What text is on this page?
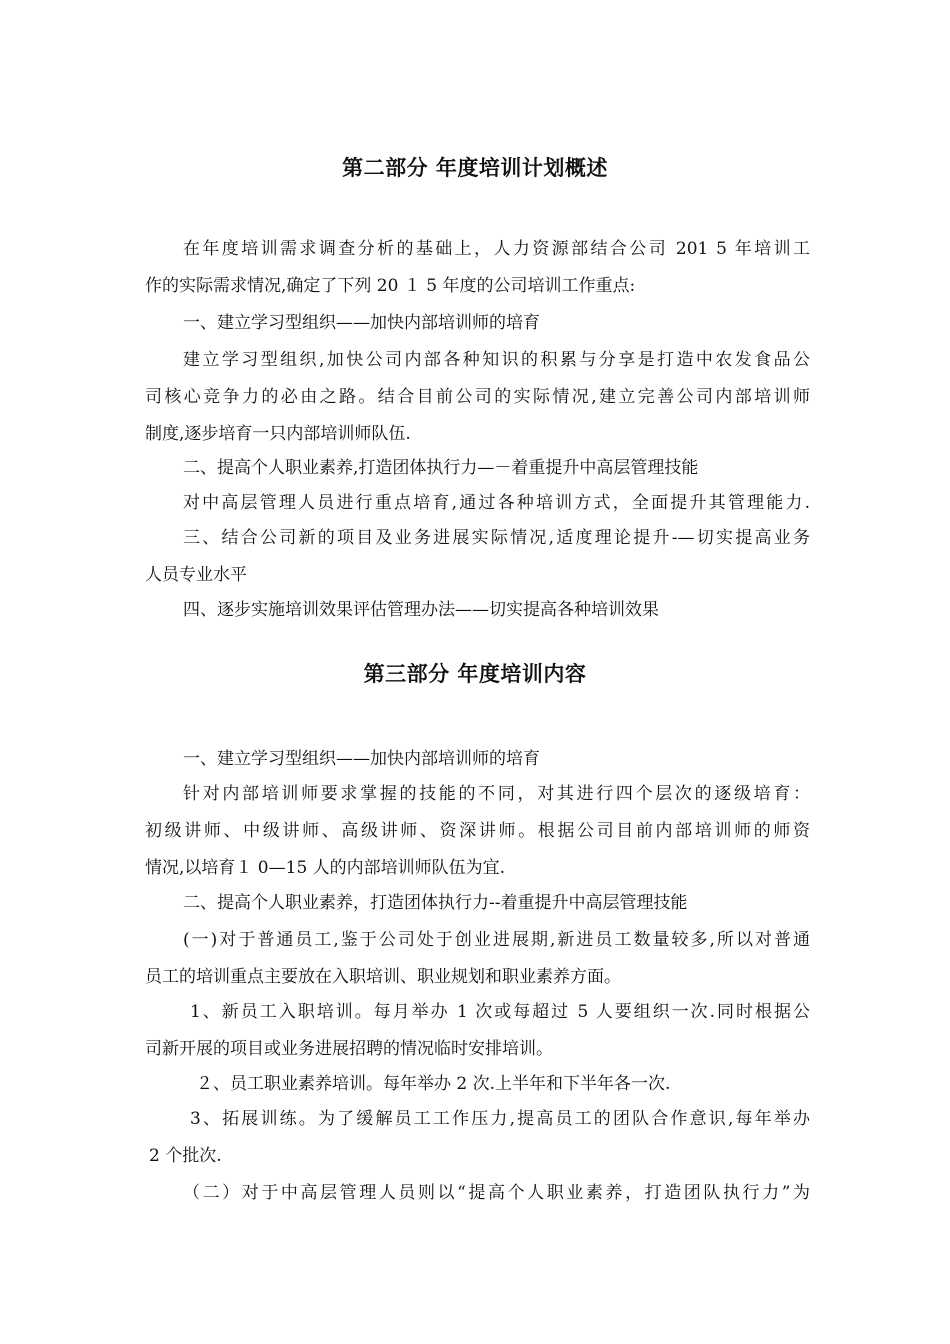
第二部分 年度培训计划概述

在年度培训需求调查分析的基础上，人力资源部结合公司 201 5 年培训工

作的实际需求情况,确定了下列 20 １ 5 年度的公司培训工作重点:

一、建立学习型组织——加快内部培训师的培育

建立学习型组织,加快公司内部各种知识的积累与分享是打造中农发食品公

司核心竞争力的必由之路。结合目前公司的实际情况,建立完善公司内部培训师

制度,逐步培育一只内部培训师队伍.

二、提高个人职业素养,打造团体执行力—－着重提升中高层管理技能

对中高层管理人员进行重点培育,通过各种培训方式，全面提升其管理能力.

三、结合公司新的项目及业务进展实际情况,适度理论提升-—切实提高业务

人员专业水平

四、逐步实施培训效果评估管理办法——切实提高各种培训效果

第三部分 年度培训内容

一、建立学习型组织——加快内部培训师的培育

针对内部培训师要求掌握的技能的不同，对其进行四个层次的逐级培育：

初级讲师、中级讲师、高级讲师、资深讲师。根据公司目前内部培训师的师资

情况,以培育１ 0—15 人的内部培训师队伍为宜.

二、提高个人职业素养，打造团体执行力--着重提升中高层管理技能

(一)对于普通员工,鉴于公司处于创业进展期,新进员工数量较多,所以对普通

员工的培训重点主要放在入职培训、职业规划和职业素养方面。

1、新员工入职培训。每月举办 1 次或每超过 5 人要组织一次.同时根据公

司新开展的项目或业务进展招聘的情况临时安排培训。

２、员工职业素养培训。每年举办 2 次.上半年和下半年各一次.

3、拓展训练。为了缓解员工工作压力,提高员工的团队合作意识,每年举办

2 个批次.

（二）对于中高层管理人员则以“提高个人职业素养，打造团队执行力”为
